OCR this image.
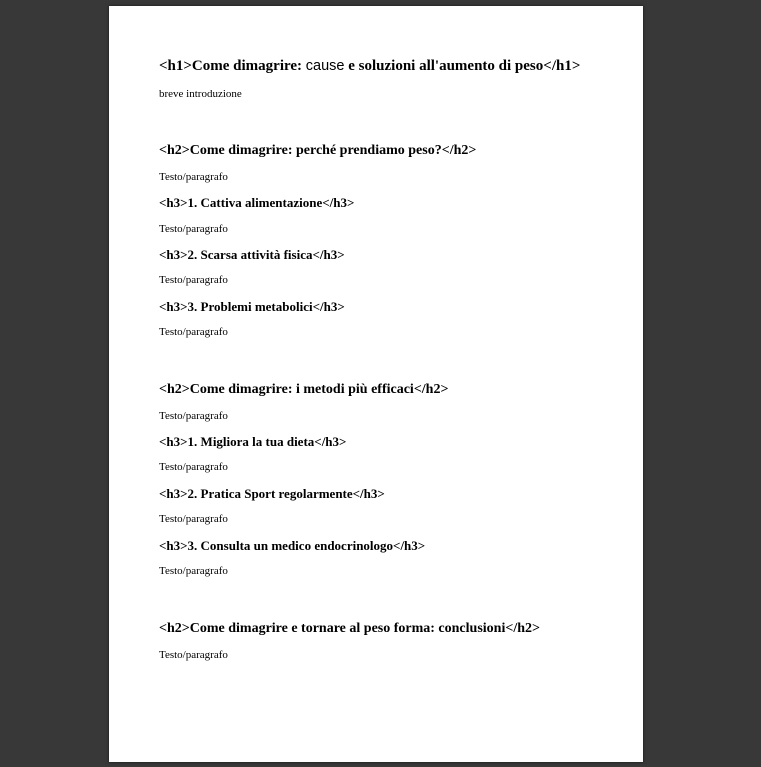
<h1>Come dimagrire: cause e soluzioni all'aumento di peso</h1>
breve introduzione
<h2>Come dimagrire: perché prendiamo peso?</h2>
Testo/paragrafo
<h3>1. Cattiva alimentazione</h3>
Testo/paragrafo
<h3>2. Scarsa attività fisica</h3>
Testo/paragrafo
<h3>3. Problemi metabolici</h3>
Testo/paragrafo
<h2>Come dimagrire: i metodi più efficaci</h2>
Testo/paragrafo
<h3>1. Migliora la tua dieta</h3>
Testo/paragrafo
<h3>2. Pratica Sport regolarmente</h3>
Testo/paragrafo
<h3>3. Consulta un medico endocrinologo</h3>
Testo/paragrafo
<h2>Come dimagrire e tornare al peso forma: conclusioni</h2>
Testo/paragrafo
